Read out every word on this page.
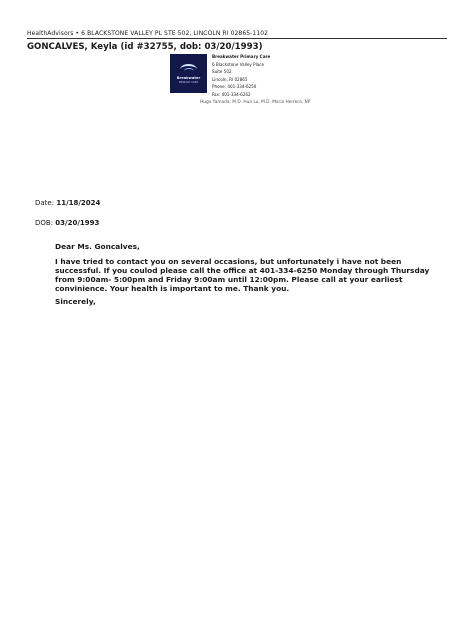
HealthAdvisors • 6 BLACKSTONE VALLEY PL STE 502, LINCOLN RI 02865-1102
GONCALVES, Keyla (id #32755, dob: 03/20/1993)
Breakwater
PRIMARY CARE
Breakwater Primary Care
6 Blackstone Valley Place
Suite 502
Lincoln, RI 02865
Phone: 401-334-6250
Fax: 401-334-6262
Hugo Yamada, M.D. Hua Lu, M.D. Maria Herrera, NP
Date: 11/18/2024
DOB: 03/20/1993
Dear Ms. Goncalves,
I have tried to contact you on several occasions, but unfortunately i have not been successful. If you coulod please call the office at 401-334-6250 Monday through Thursday from 9:00am- 5:00pm and Friday 9:00am until 12:00pm. Please call at your earliest convinience. Your health is important to me. Thank you.
Sincerely,
